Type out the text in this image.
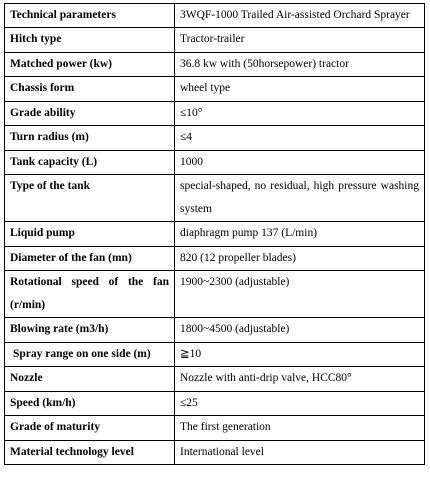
Technical parameters	3WQF-1000 Trailed Air-assisted Orchard Sprayer
Hitch type	Tractor-trailer
Matched power (kw)	36.8 kw with (50horsepower) tractor
Chassis form	wheel type
Grade ability	≤10°
Turn radius (m)	≤4
Tank capacity (L)	1000
Type of the tank	special-shaped, no residual, high pressure washing system
Liquid pump	diaphragm pump 137 (L/min)
Diameter of the fan (mn)	820 (12 propeller blades)
Rotational speed of the fan (r/min)	1900~2300 (adjustable)
Blowing rate (m3/h)	1800~4500 (adjustable)
Spray range on one side (m)	≧10
Nozzle	Nozzle with anti-drip valve, HCC80°
Speed (km/h)	≤25
Grade of maturity	The first generation
Material technology level	International level
